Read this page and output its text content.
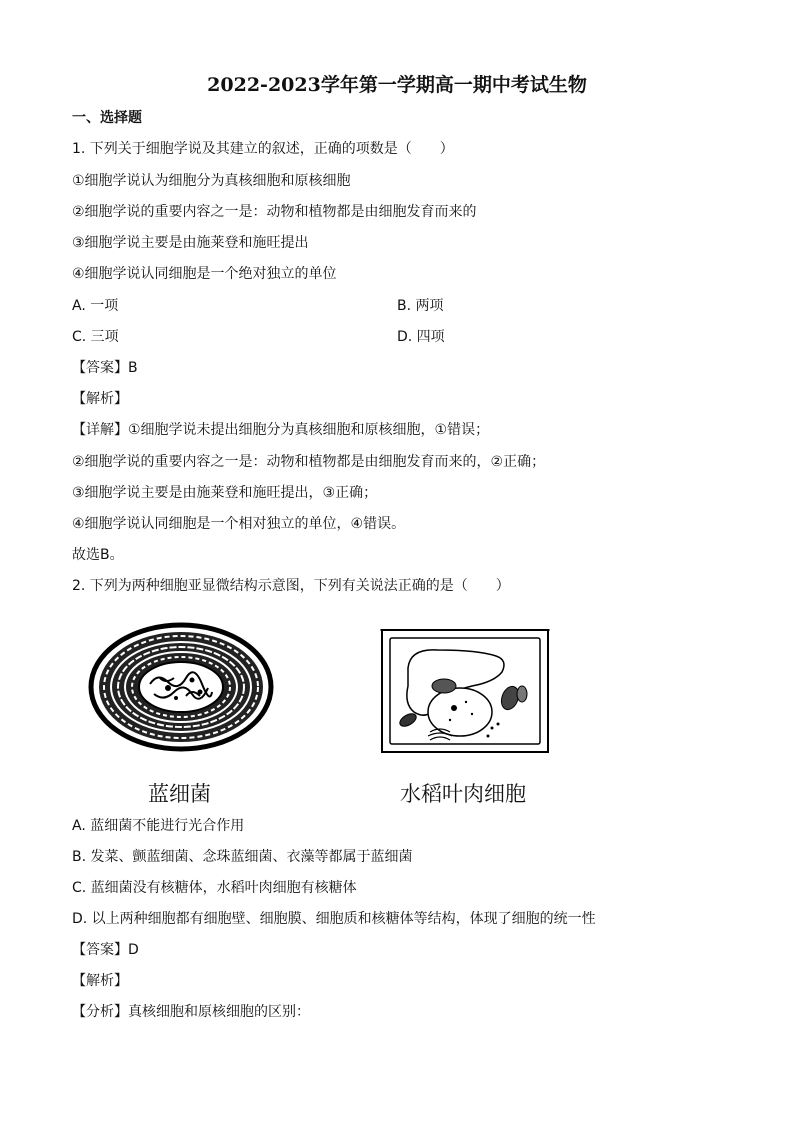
2022-2023学年第一学期高一期中考试生物
一、选择题
1. 下列关于细胞学说及其建立的叙述，正确的项数是（　　）
①细胞学说认为细胞分为真核细胞和原核细胞
②细胞学说的重要内容之一是：动物和植物都是由细胞发育而来的
③细胞学说主要是由施莱登和施旺提出
④细胞学说认同细胞是一个绝对独立的单位
A. 一项	B. 两项
C. 三项	D. 四项
【答案】B
【解析】
【详解】①细胞学说未提出细胞分为真核细胞和原核细胞，①错误；
②细胞学说的重要内容之一是：动物和植物都是由细胞发育而来的，②正确；
③细胞学说主要是由施莱登和施旺提出，③正确；
④细胞学说认同细胞是一个相对独立的单位，④错误。
故选B。
2. 下列为两种细胞亚显微结构示意图，下列有关说法正确的是（　　）
蓝细菌	水稻叶肉细胞
A. 蓝细菌不能进行光合作用
B. 发菜、颤蓝细菌、念珠蓝细菌、衣藻等都属于蓝细菌
C. 蓝细菌没有核糖体，水稻叶肉细胞有核糖体
D. 以上两种细胞都有细胞壁、细胞膜、细胞质和核糖体等结构，体现了细胞的统一性
【答案】D
【解析】
【分析】真核细胞和原核细胞的区别：
